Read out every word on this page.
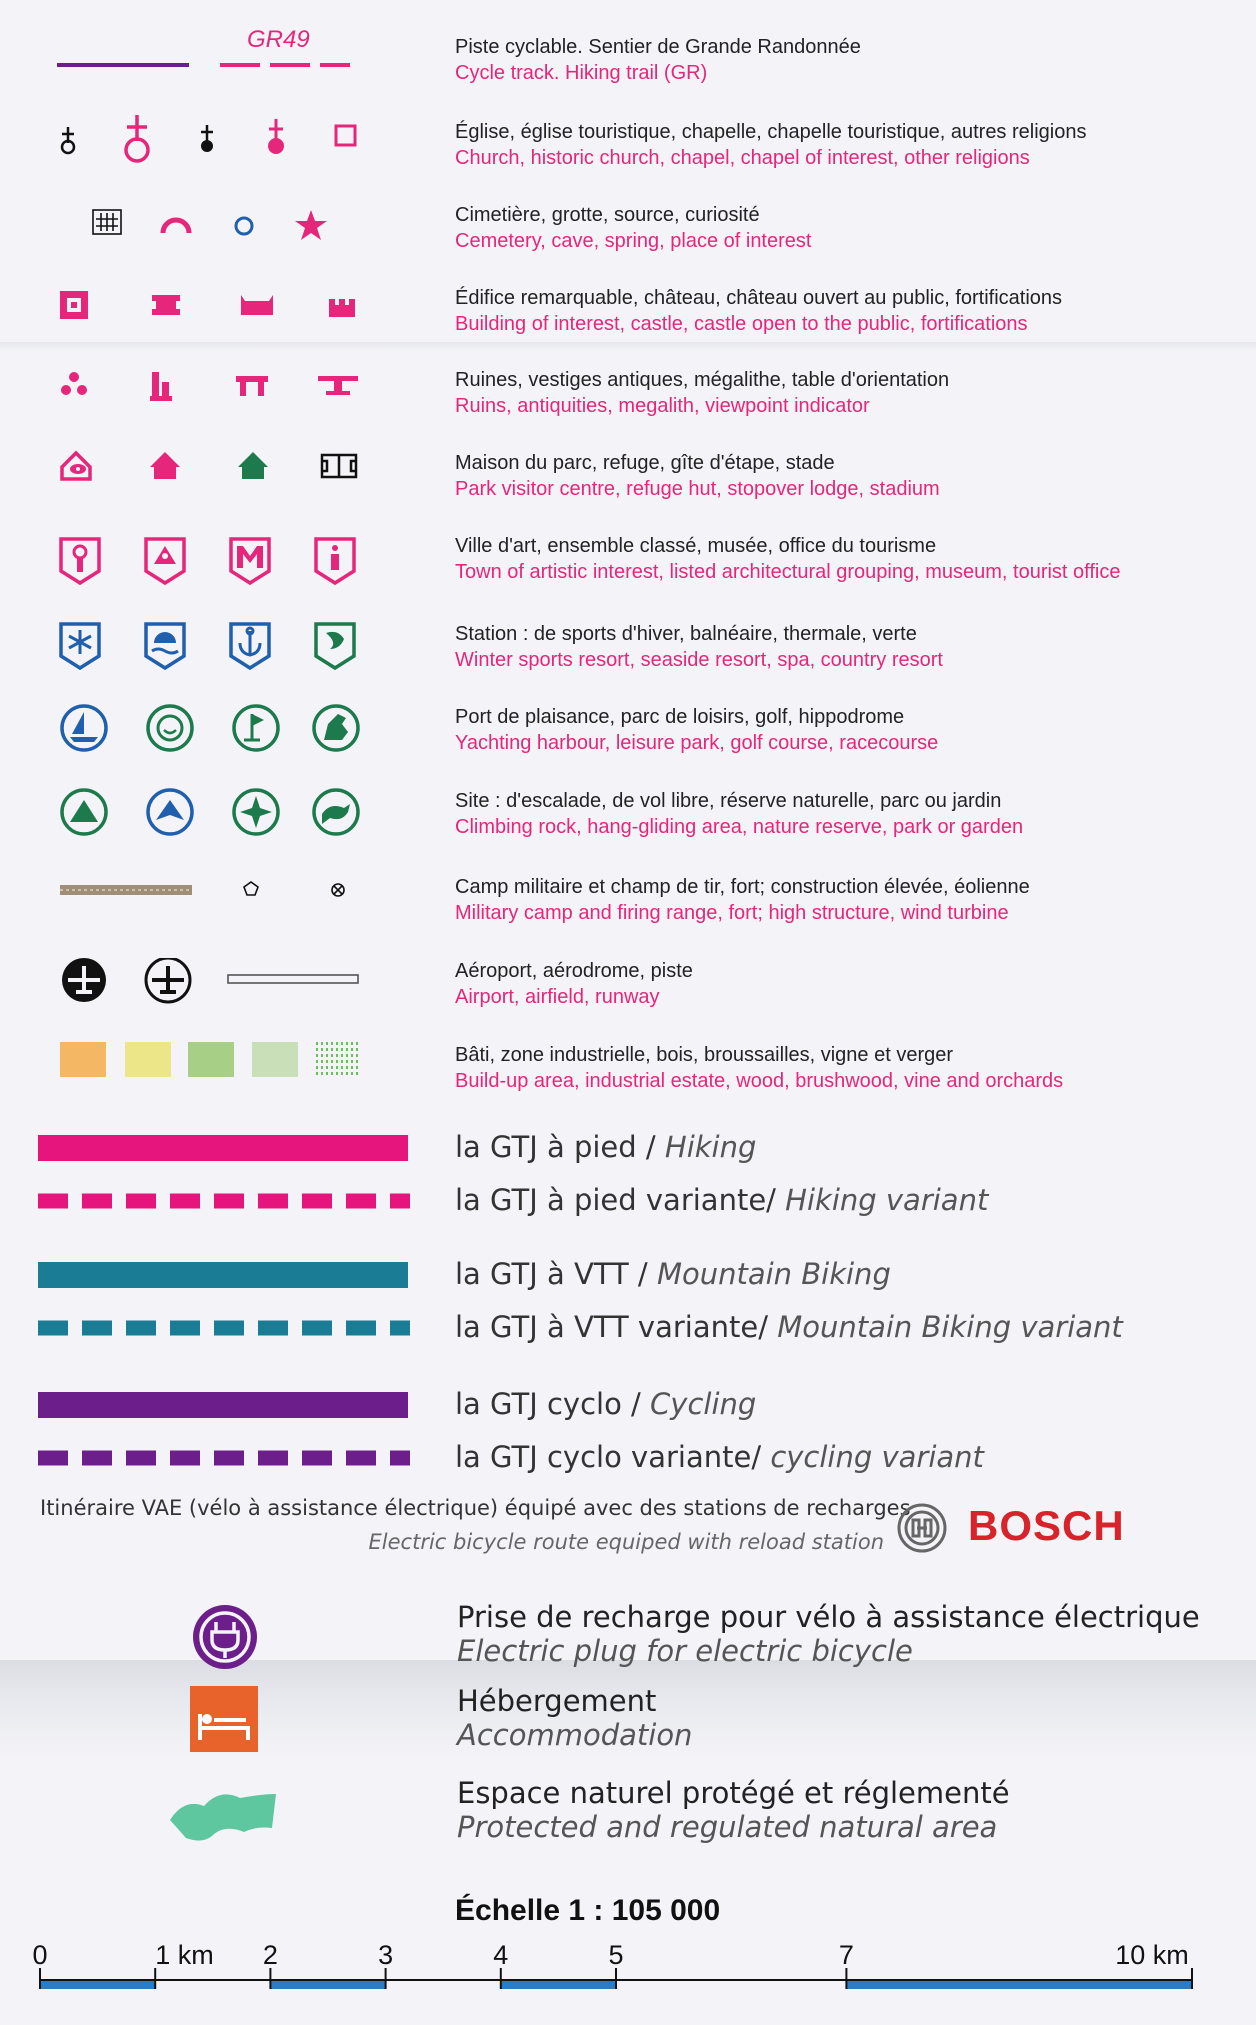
GR49	Piste cyclable. Sentier de Grande Randonnée
Cycle track. Hiking trail (GR)
Église, église touristique, chapelle, chapelle touristique, autres religions
Church, historic church, chapel, chapel of interest, other religions
Cimetière, grotte, source, curiosité
Cemetery, cave, spring, place of interest
Édifice remarquable, château, château ouvert au public, fortifications
Building of interest, castle, castle open to the public, fortifications
Ruines, vestiges antiques, mégalithe, table d'orientation
Ruins, antiquities, megalith, viewpoint indicator
Maison du parc, refuge, gîte d'étape, stade
Park visitor centre, refuge hut, stopover lodge, stadium
Ville d'art, ensemble classé, musée, office du tourisme
Town of artistic interest, listed architectural grouping, museum, tourist office
Station : de sports d'hiver, balnéaire, thermale, verte
Winter sports resort, seaside resort, spa, country resort
Port de plaisance, parc de loisirs, golf, hippodrome
Yachting harbour, leisure park, golf course, racecourse
Site : d'escalade, de vol libre, réserve naturelle, parc ou jardin
Climbing rock, hang-gliding area, nature reserve, park or garden
Camp militaire et champ de tir, fort; construction élevée, éolienne
Military camp and firing range, fort; high structure, wind turbine
Aéroport, aérodrome, piste
Airport, airfield, runway
Bâti, zone industrielle, bois, broussailles, vigne et verger
Build-up area, industrial estate, wood, brushwood, vine and orchards
la GTJ à pied / Hiking
la GTJ à pied variante/ Hiking variant
la GTJ à VTT / Mountain Biking
la GTJ à VTT variante/ Mountain Biking variant
la GTJ cyclo / Cycling
la GTJ cyclo variante/ cycling variant
Itinéraire VAE (vélo à assistance électrique) équipé avec des stations de recharges
Electric bicycle route equiped with reload station BOSCH
Prise de recharge pour vélo à assistance électrique
Electric plug for electric bicycle
Hébergement
Accommodation
Espace naturel protégé et réglementé
Protected and regulated natural area
Échelle 1 : 105 000
0	1 km 2	3	4	5	7	10 km
